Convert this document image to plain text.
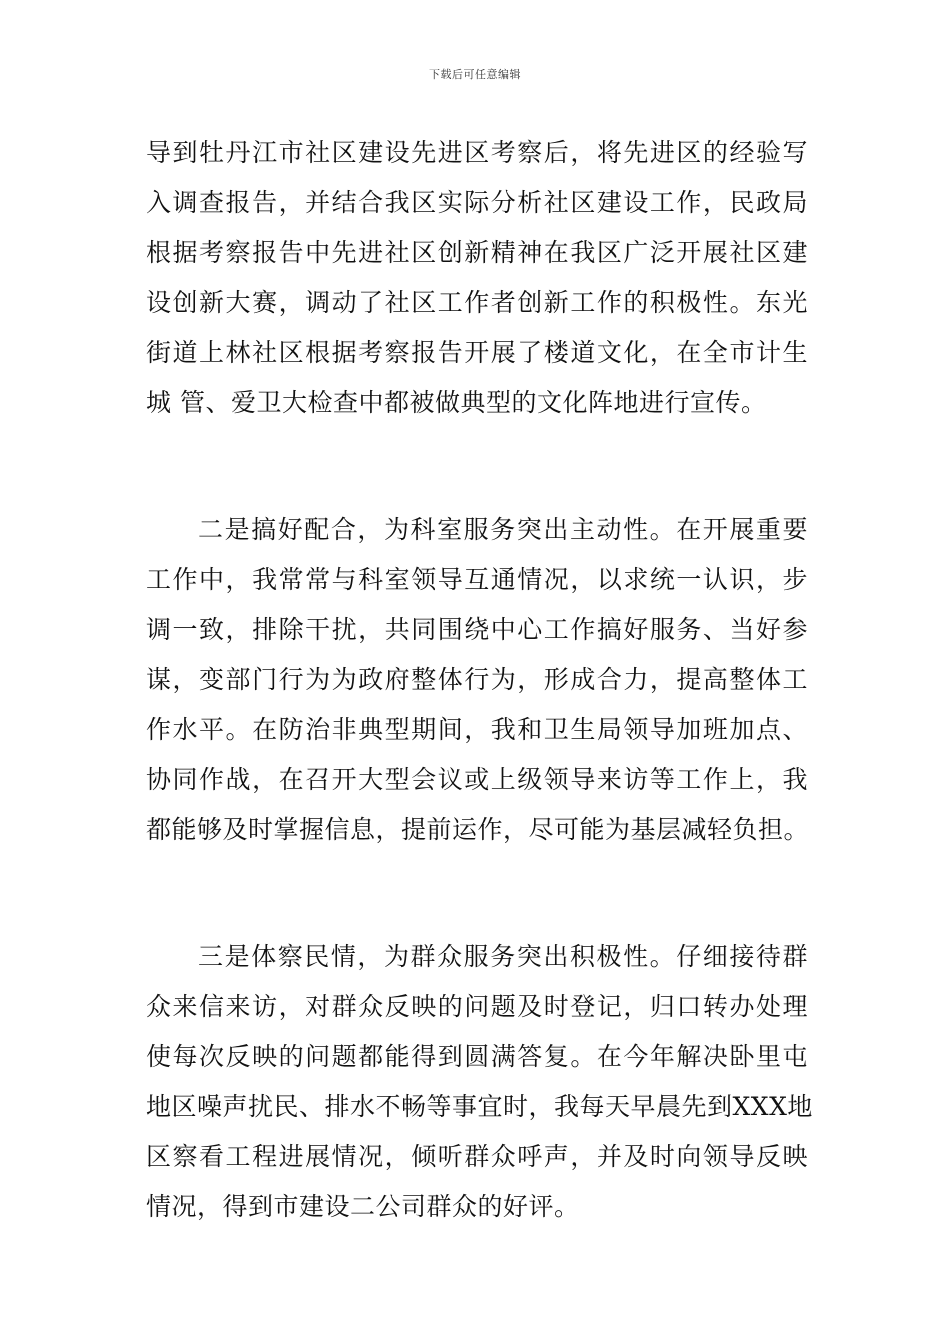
下载后可任意编辑
导到牡丹江市社区建设先进区考察后，将先进区的经验写
入调查报告，并结合我区实际分析社区建设工作，民政局
根据考察报告中先进社区创新精神在我区广泛开展社区建
设创新大赛，调动了社区工作者创新工作的积极性。东光
街道上林社区根据考察报告开展了楼道文化，在全市计生
城 管、爱卫大检查中都被做典型的文化阵地进行宣传。
二是搞好配合，为科室服务突出主动性。在开展重要
工作中，我常常与科室领导互通情况，以求统一认识，步
调一致，排除干扰，共同围绕中心工作搞好服务、当好参
谋，变部门行为为政府整体行为，形成合力，提高整体工
作水平。在防治非典型期间，我和卫生局领导加班加点、
协同作战，在召开大型会议或上级领导来访等工作上，我
都能够及时掌握信息，提前运作，尽可能为基层减轻负担。
三是体察民情，为群众服务突出积极性。仔细接待群
众来信来访，对群众反映的问题及时登记，归口转办处理
使每次反映的问题都能得到圆满答复。在今年解决卧里屯
地区噪声扰民、排水不畅等事宜时，我每天早晨先到XXX地
区察看工程进展情况，倾听群众呼声，并及时向领导反映
情况，得到市建设二公司群众的好评。
